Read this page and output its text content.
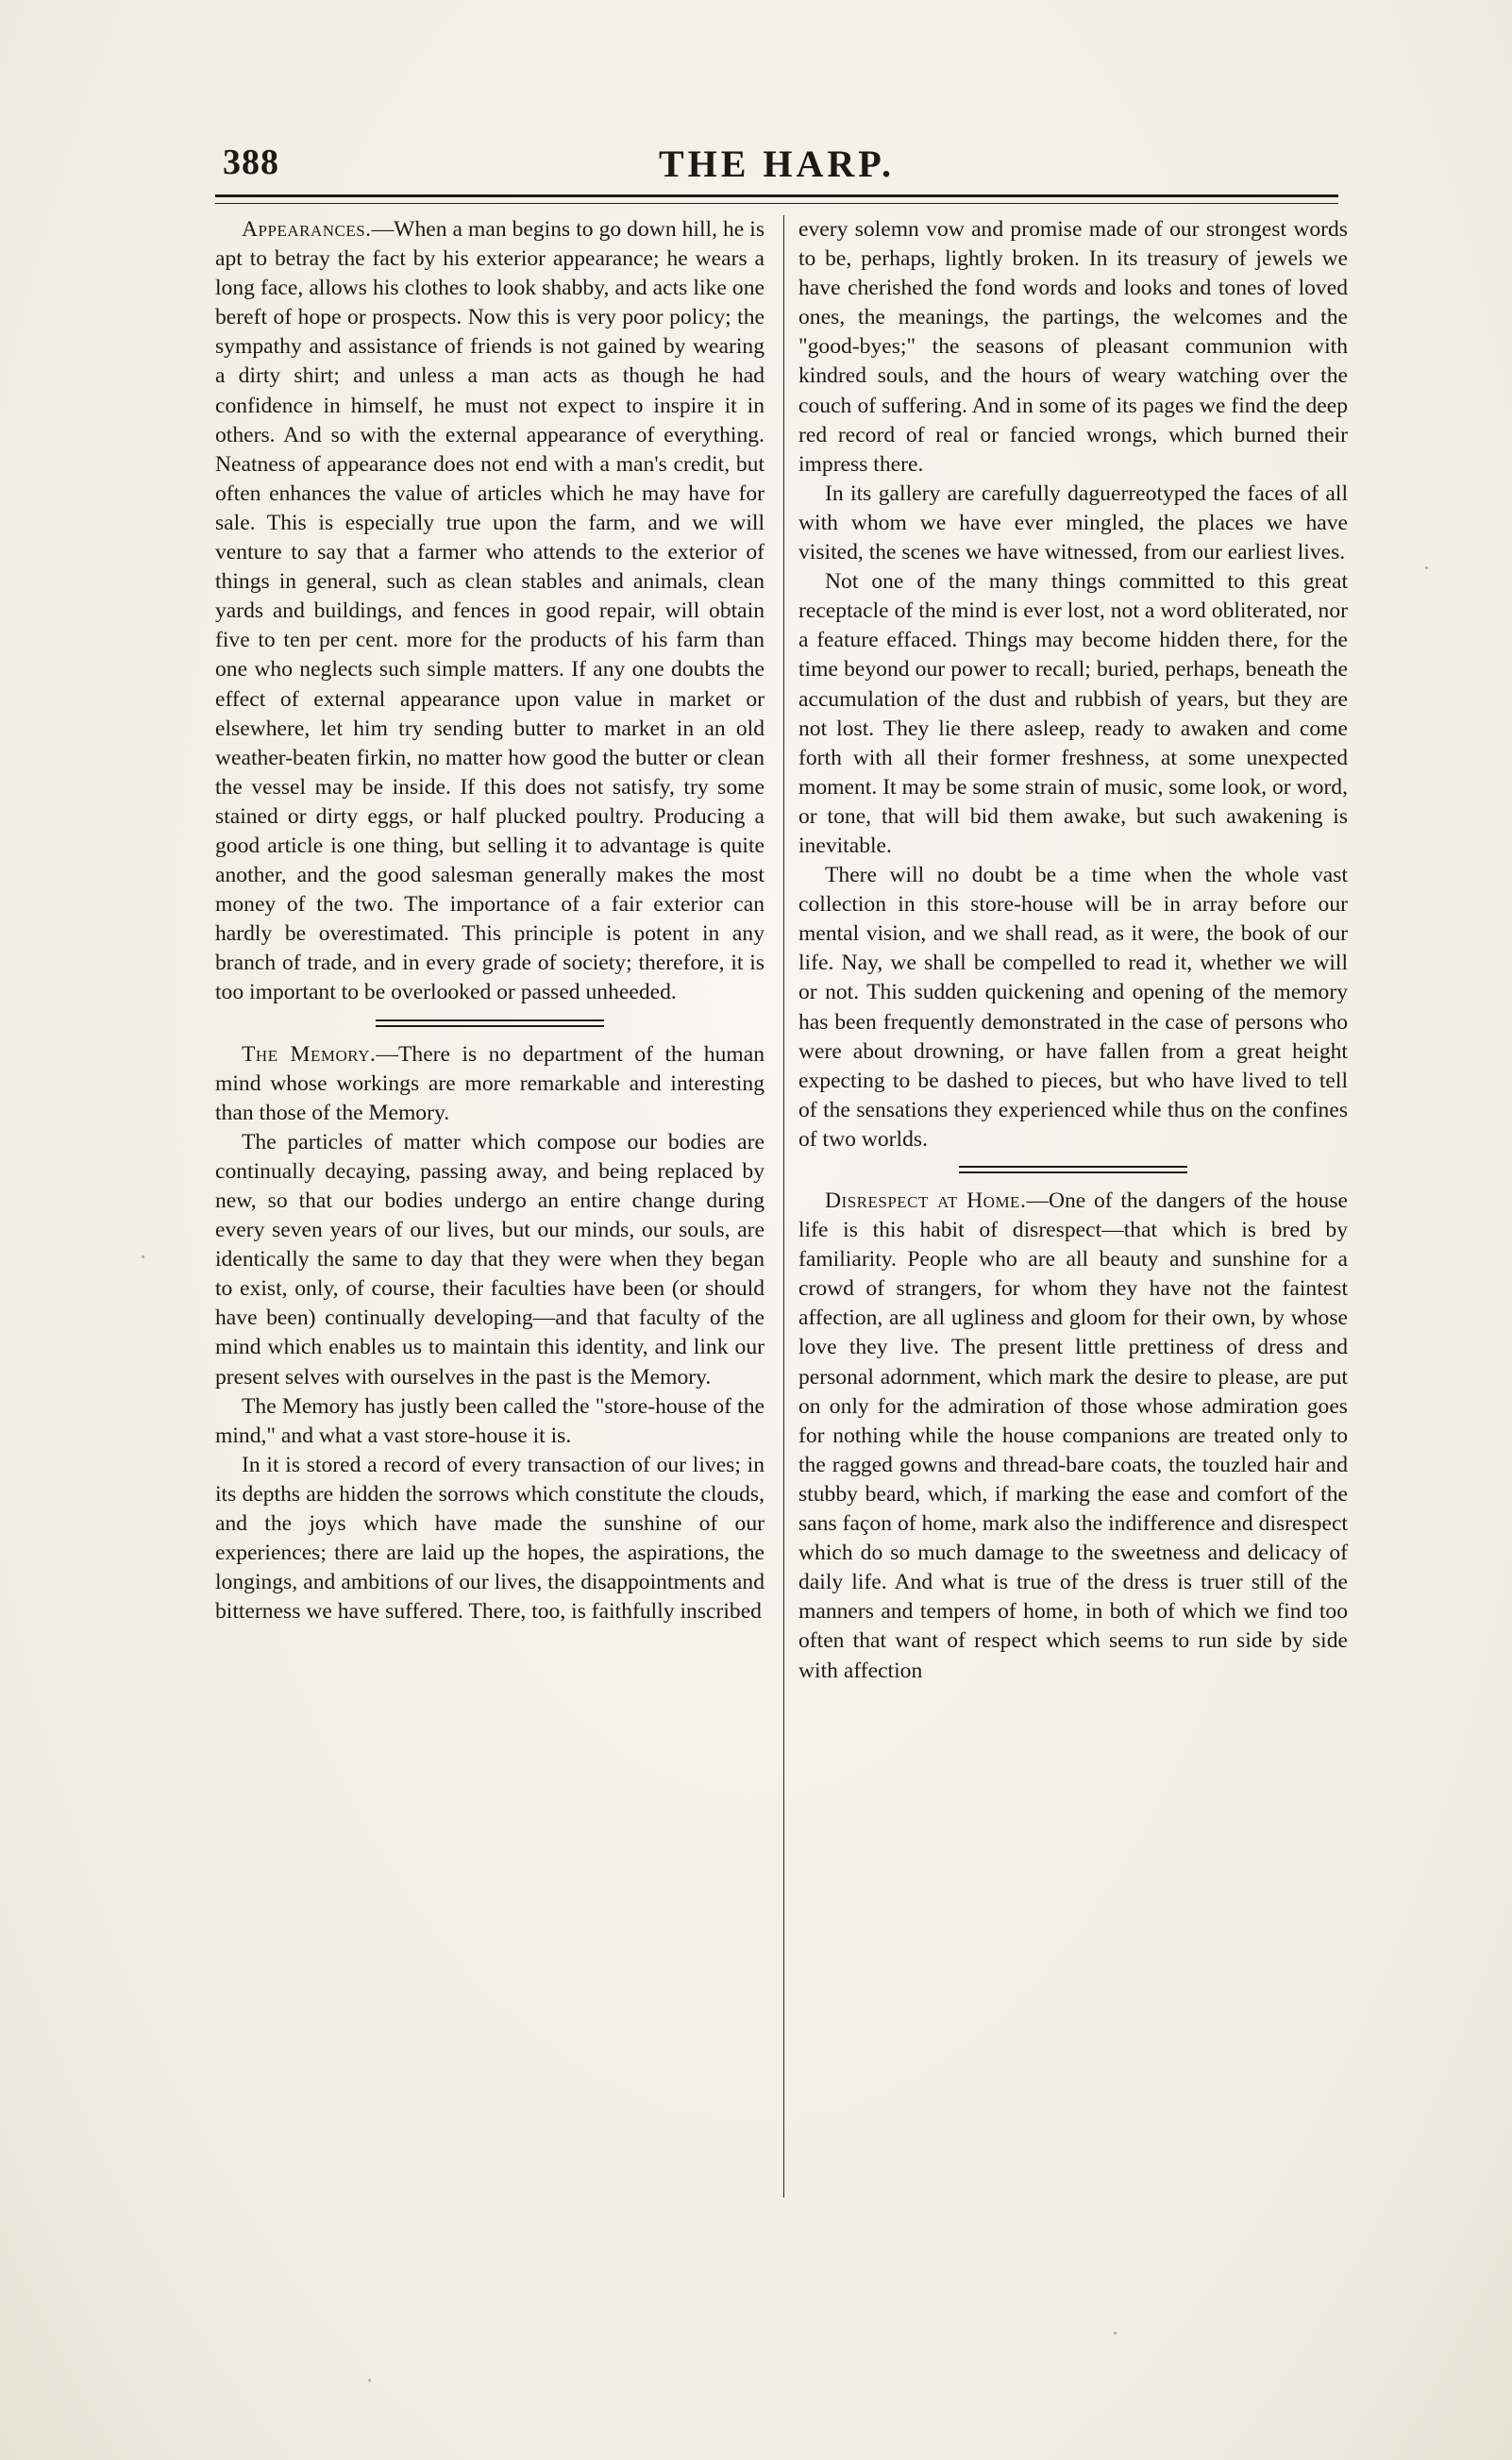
388	THE HARP.

Appearances.—When a man begins to go down hill, he is apt to betray the fact by his exterior appearance; he wears a long face, allows his clothes to look shabby, and acts like one bereft of hope or prospects. Now this is very poor policy; the sympathy and assistance of friends is not gained by wearing a dirty shirt; and unless a man acts as though he had confidence in himself, he must not expect to inspire it in others. And so with the external appearance of everything. Neatness of appearance does not end with a man's credit, but often enhances the value of articles which he may have for sale. This is especially true upon the farm, and we will venture to say that a farmer who attends to the exterior of things in general, such as clean stables and animals, clean yards and buildings, and fences in good repair, will obtain five to ten per cent. more for the products of his farm than one who neglects such simple matters. If any one doubts the effect of external appearance upon value in market or elsewhere, let him try sending butter to market in an old weather-beaten firkin, no matter how good the butter or clean the vessel may be inside. If this does not satisfy, try some stained or dirty eggs, or half plucked poultry. Producing a good article is one thing, but selling it to advantage is quite another, and the good salesman generally makes the most money of the two. The importance of a fair exterior can hardly be overestimated. This principle is potent in any branch of trade, and in every grade of society; therefore, it is too important to be overlooked or passed unheeded.

The Memory.—There is no department of the human mind whose workings are more remarkable and interesting than those of the Memory.

The particles of matter which compose our bodies are continually decaying, passing away, and being replaced by new, so that our bodies undergo an entire change during every seven years of our lives, but our minds, our souls, are identically the same to day that they were when they began to exist, only, of course, their faculties have been (or should have been) continually developing—and that faculty of the mind which enables us to maintain this identity, and link our present selves with ourselves in the past is the Memory.

The Memory has justly been called the "store-house of the mind," and what a vast store-house it is.

In it is stored a record of every transaction of our lives; in its depths are hidden the sorrows which constitute the clouds, and the joys which have made the sunshine of our experiences; there are laid up the hopes, the aspirations, the longings, and ambitions of our lives, the disappointments and bitterness we have suffered. There, too, is faithfully inscribed

every solemn vow and promise made of our strongest words to be, perhaps, lightly broken. In its treasury of jewels we have cherished the fond words and looks and tones of loved ones, the meanings, the partings, the welcomes and the "good-byes;" the seasons of pleasant communion with kindred souls, and the hours of weary watching over the couch of suffering. And in some of its pages we find the deep red record of real or fancied wrongs, which burned their impress there.

In its gallery are carefully daguerreotyped the faces of all with whom we have ever mingled, the places we have visited, the scenes we have witnessed, from our earliest lives.

Not one of the many things committed to this great receptacle of the mind is ever lost, not a word obliterated, nor a feature effaced. Things may become hidden there, for the time beyond our power to recall; buried, perhaps, beneath the accumulation of the dust and rubbish of years, but they are not lost. They lie there asleep, ready to awaken and come forth with all their former freshness, at some unexpected moment. It may be some strain of music, some look, or word, or tone, that will bid them awake, but such awakening is inevitable.

There will no doubt be a time when the whole vast collection in this store-house will be in array before our mental vision, and we shall read, as it were, the book of our life. Nay, we shall be compelled to read it, whether we will or not. This sudden quickening and opening of the memory has been frequently demonstrated in the case of persons who were about drowning, or have fallen from a great height expecting to be dashed to pieces, but who have lived to tell of the sensations they experienced while thus on the confines of two worlds.

Disrespect at Home.—One of the dangers of the house life is this habit of disrespect—that which is bred by familiarity. People who are all beauty and sunshine for a crowd of strangers, for whom they have not the faintest affection, are all ugliness and gloom for their own, by whose love they live. The present little prettiness of dress and personal adornment, which mark the desire to please, are put on only for the admiration of those whose admiration goes for nothing while the house companions are treated only to the ragged gowns and thread-bare coats, the touzled hair and stubby beard, which, if marking the ease and comfort of the sans façon of home, mark also the indifference and disrespect which do so much damage to the sweetness and delicacy of daily life. And what is true of the dress is truer still of the manners and tempers of home, in both of which we find too often that want of respect which seems to run side by side with affection
